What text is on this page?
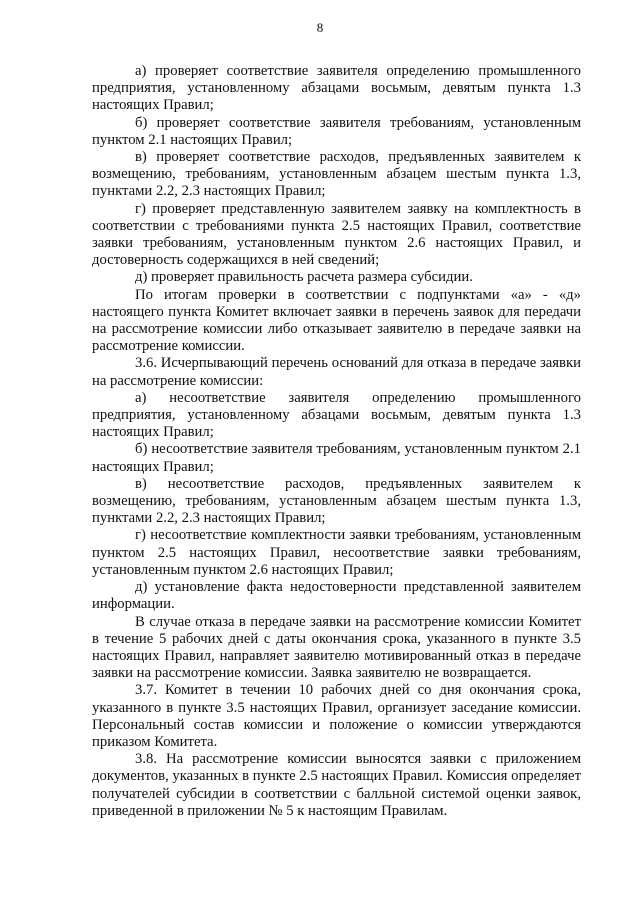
8

а) проверяет соответствие заявителя определению промышленного предприятия, установленному абзацами восьмым, девятым пункта 1.3 настоящих Правил;

б) проверяет соответствие заявителя требованиям, установленным пунктом 2.1 настоящих Правил;

в) проверяет соответствие расходов, предъявленных заявителем к возмещению, требованиям, установленным абзацем шестым пункта 1.3, пунктами 2.2, 2.3 настоящих Правил;

г) проверяет представленную заявителем заявку на комплектность в соответствии с требованиями пункта 2.5 настоящих Правил, соответствие заявки требованиям, установленным пунктом 2.6 настоящих Правил, и достоверность содержащихся в ней сведений;

д) проверяет правильность расчета размера субсидии.

По итогам проверки в соответствии с подпунктами «а» - «д» настоящего пункта Комитет включает заявки в перечень заявок для передачи на рассмотрение комиссии либо отказывает заявителю в передаче заявки на рассмотрение комиссии.

3.6. Исчерпывающий перечень оснований для отказа в передаче заявки на рассмотрение комиссии:

а) несоответствие заявителя определению промышленного предприятия, установленному абзацами восьмым, девятым пункта 1.3 настоящих Правил;

б) несоответствие заявителя требованиям, установленным пунктом 2.1 настоящих Правил;

в) несоответствие расходов, предъявленных заявителем к возмещению, требованиям, установленным абзацем шестым пункта 1.3, пунктами 2.2, 2.3 настоящих Правил;

г) несоответствие комплектности заявки требованиям, установленным пунктом 2.5 настоящих Правил, несоответствие заявки требованиям, установленным пунктом 2.6 настоящих Правил;

д) установление факта недостоверности представленной заявителем информации.

В случае отказа в передаче заявки на рассмотрение комиссии Комитет в течение 5 рабочих дней с даты окончания срока, указанного в пункте 3.5 настоящих Правил, направляет заявителю мотивированный отказ в передаче заявки на рассмотрение комиссии. Заявка заявителю не возвращается.

3.7. Комитет в течении 10 рабочих дней со дня окончания срока, указанного в пункте 3.5 настоящих Правил, организует заседание комиссии. Персональный состав комиссии и положение о комиссии утверждаются приказом Комитета.

3.8. На рассмотрение комиссии выносятся заявки с приложением документов, указанных в пункте 2.5 настоящих Правил. Комиссия определяет получателей субсидии в соответствии с балльной системой оценки заявок, приведенной в приложении № 5 к настоящим Правилам.
